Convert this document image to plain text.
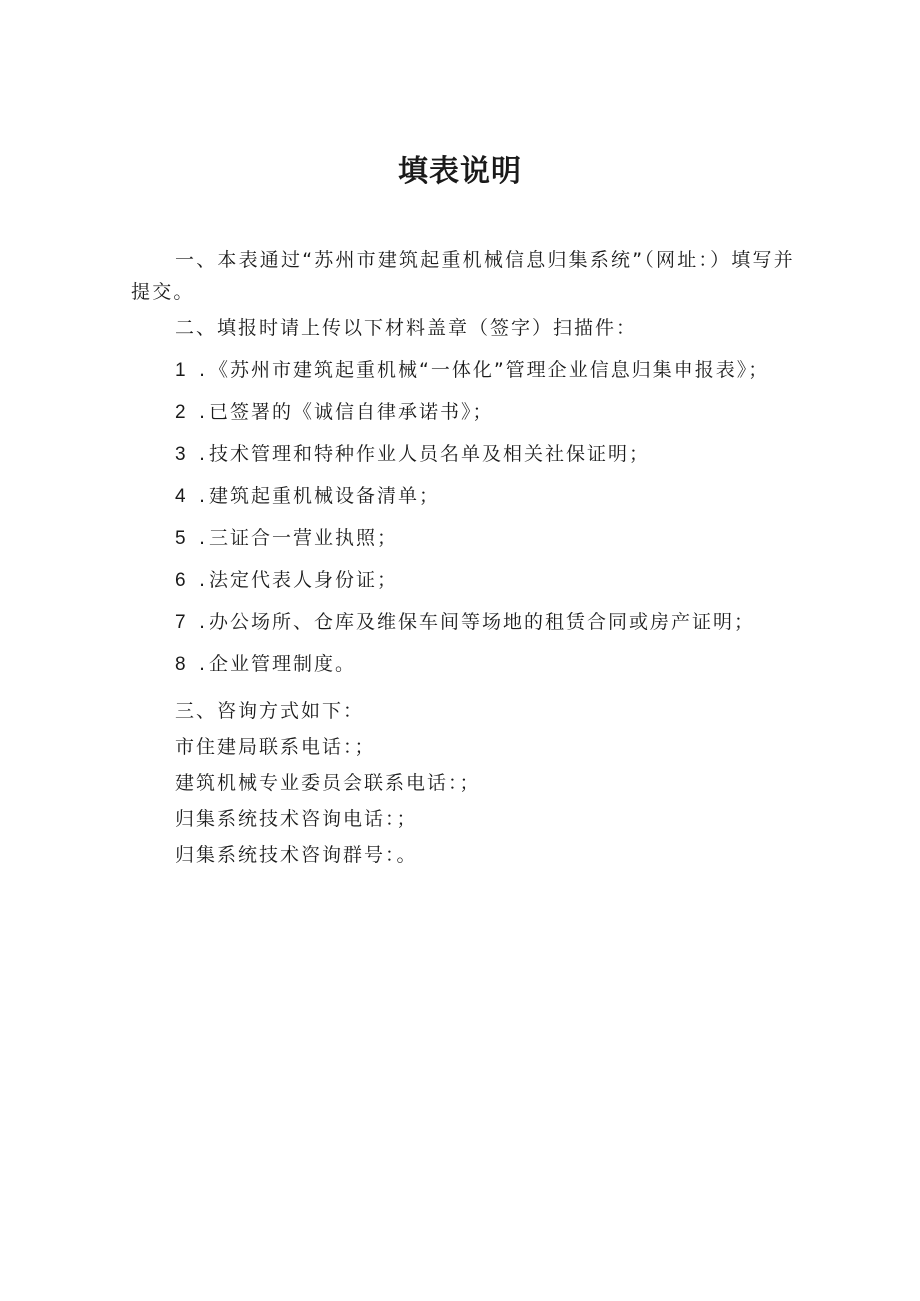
填表说明
一、本表通过“苏州市建筑起重机械信息归集系统”（网址：）填写并提交。
二、填报时请上传以下材料盖章（签字）扫描件：
1 . 《苏州市建筑起重机械“一体化”管理企业信息归集申报表》；
2 . 已签署的《诚信自律承诺书》；
3 . 技术管理和特种作业人员名单及相关社保证明；
4 . 建筑起重机械设备清单；
5 . 三证合一营业执照；
6 . 法定代表人身份证；
7 . 办公场所、仓库及维保车间等场地的租赁合同或房产证明；
8 . 企业管理制度。
三、咨询方式如下：
市住建局联系电话：；
建筑机械专业委员会联系电话：；
归集系统技术咨询电话：；
归集系统技术咨询群号：。
